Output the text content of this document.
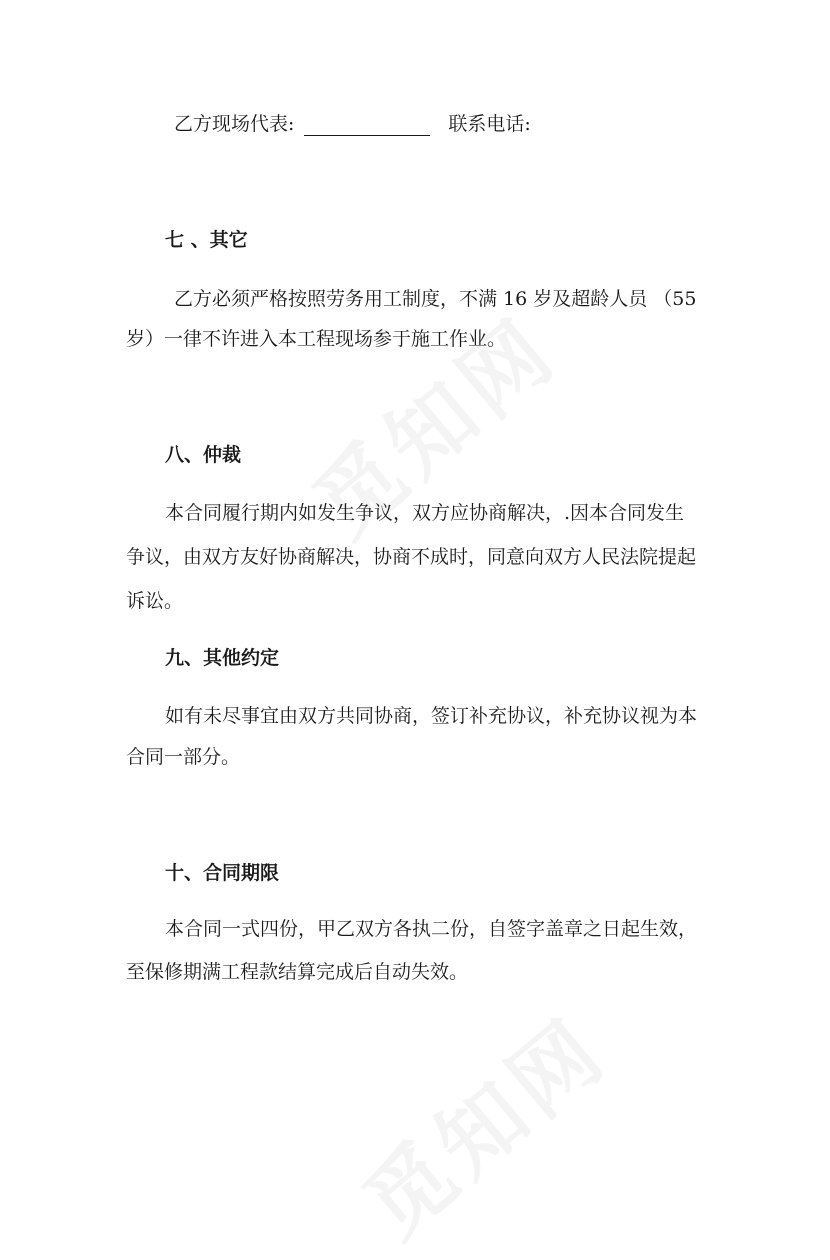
乙方现场代表:	联系电话:
七 、其它
乙方必须严格按照劳务用工制度，不满 16 岁及超龄人员 （55
岁）一律不许进入本工程现场参于施工作业。
八、仲裁
本合同履行期内如发生争议，双方应协商解决，.因本合同发生
争议，由双方友好协商解决，协商不成时，同意向双方人民法院提起
诉讼。
九、其他约定
如有未尽事宜由双方共同协商，签订补充协议，补充协议视为本
合同一部分。
十、合同期限
本合同一式四份，甲乙双方各执二份，自签字盖章之日起生效，
至保修期满工程款结算完成后自动失效。
